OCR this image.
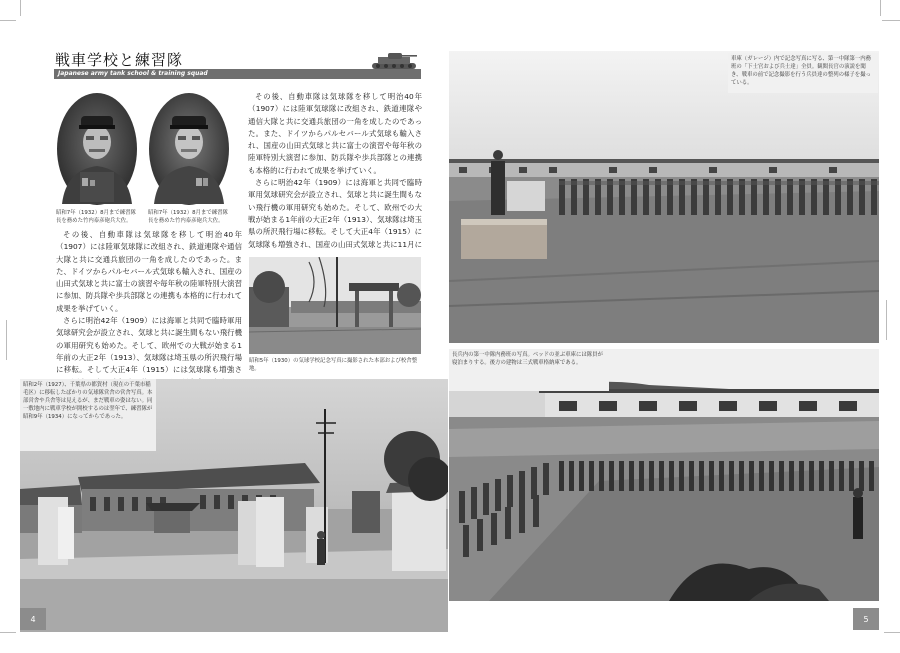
戦車学校と練習隊
Japanese army tank school & training squad
昭和7年（1932）8月まで練習隊長を務めた竹内泰彦砲兵大佐。
昭和7年（1932）8月まで練習隊長を務めた竹内泰彦砲兵大佐。
その後、自動車隊は気球隊を移して明治40年（1907）には陸軍気球隊に改組され、鉄道連隊や通信大隊と共に交通兵旅団の一角を成したのであった。また、ドイツからパルセバール式気球も輸入され、国産の山田式気球と共に富士の演習や毎年秋の陸軍特別大演習に参加、防兵隊や歩兵部隊との連携も本格的に行われて成果を挙げていく。
さらに明治42年（1909）には海軍と共同で臨時軍用気球研究会が設立され、気球と共に誕生間もない飛行機の軍用研究も始めた。そして、欧州での大戦が始まる1年前の大正2年（1913）、気球隊は埼玉県の所沢飛行場に移転。そして大正4年（1915）には気球隊も増強さ
その後、自動車隊は気球隊を移して明治40年（1907）には陸軍気球隊に改組され、鉄道連隊や通信大隊と共に交通兵旅団の一角を成したのであった。また、ドイツからパルセバール式気球も輸入され、国産の山田式気球と共に富士の演習や毎年秋の陸軍特別大演習に参加、防兵隊や歩兵部隊との連携も本格的に行われて成果を挙げていく。
さらに明治42年（1909）には海軍と共同で臨時軍用気球研究会が設立され、気球と共に誕生間もない飛行機の軍用研究も始めた。そして、欧州での大戦が始まる1年前の大正2年（1913）、気球隊は埼玉県の所沢飛行場に移転。そして大正4年（1915）に気球隊も増強され、国産の山田式気球と共に11月に
昭和5年（1930）の気球学校記念写真に撮影された本部および校舎整地。
昭和2年（1927）、千葉県の都賀村（現在の千葉市稲毛区）に移転したばかりの気球隊営舎の営舎写真。本部営舎や兵舎等は見えるが、まだ戦車の姿はない。同一敷地内に戦車学校が開校するのは翌年で、練習隊が昭和9年（1934）になってからであった。
車庫（ガレージ）内で記念写真に写る、第一中隊第一内務班の「下士官および兵士達」全員。観閲長官の演説を聞き、戦車の前で記念撮影を行う兵員達の整列の様子を撮っている。
長兵内の第一中隊内務班の写真。ベッドの並ぶ車庫には隊員が寝泊まりする。後方の建物は三式戦車格納庫である。
4	5
